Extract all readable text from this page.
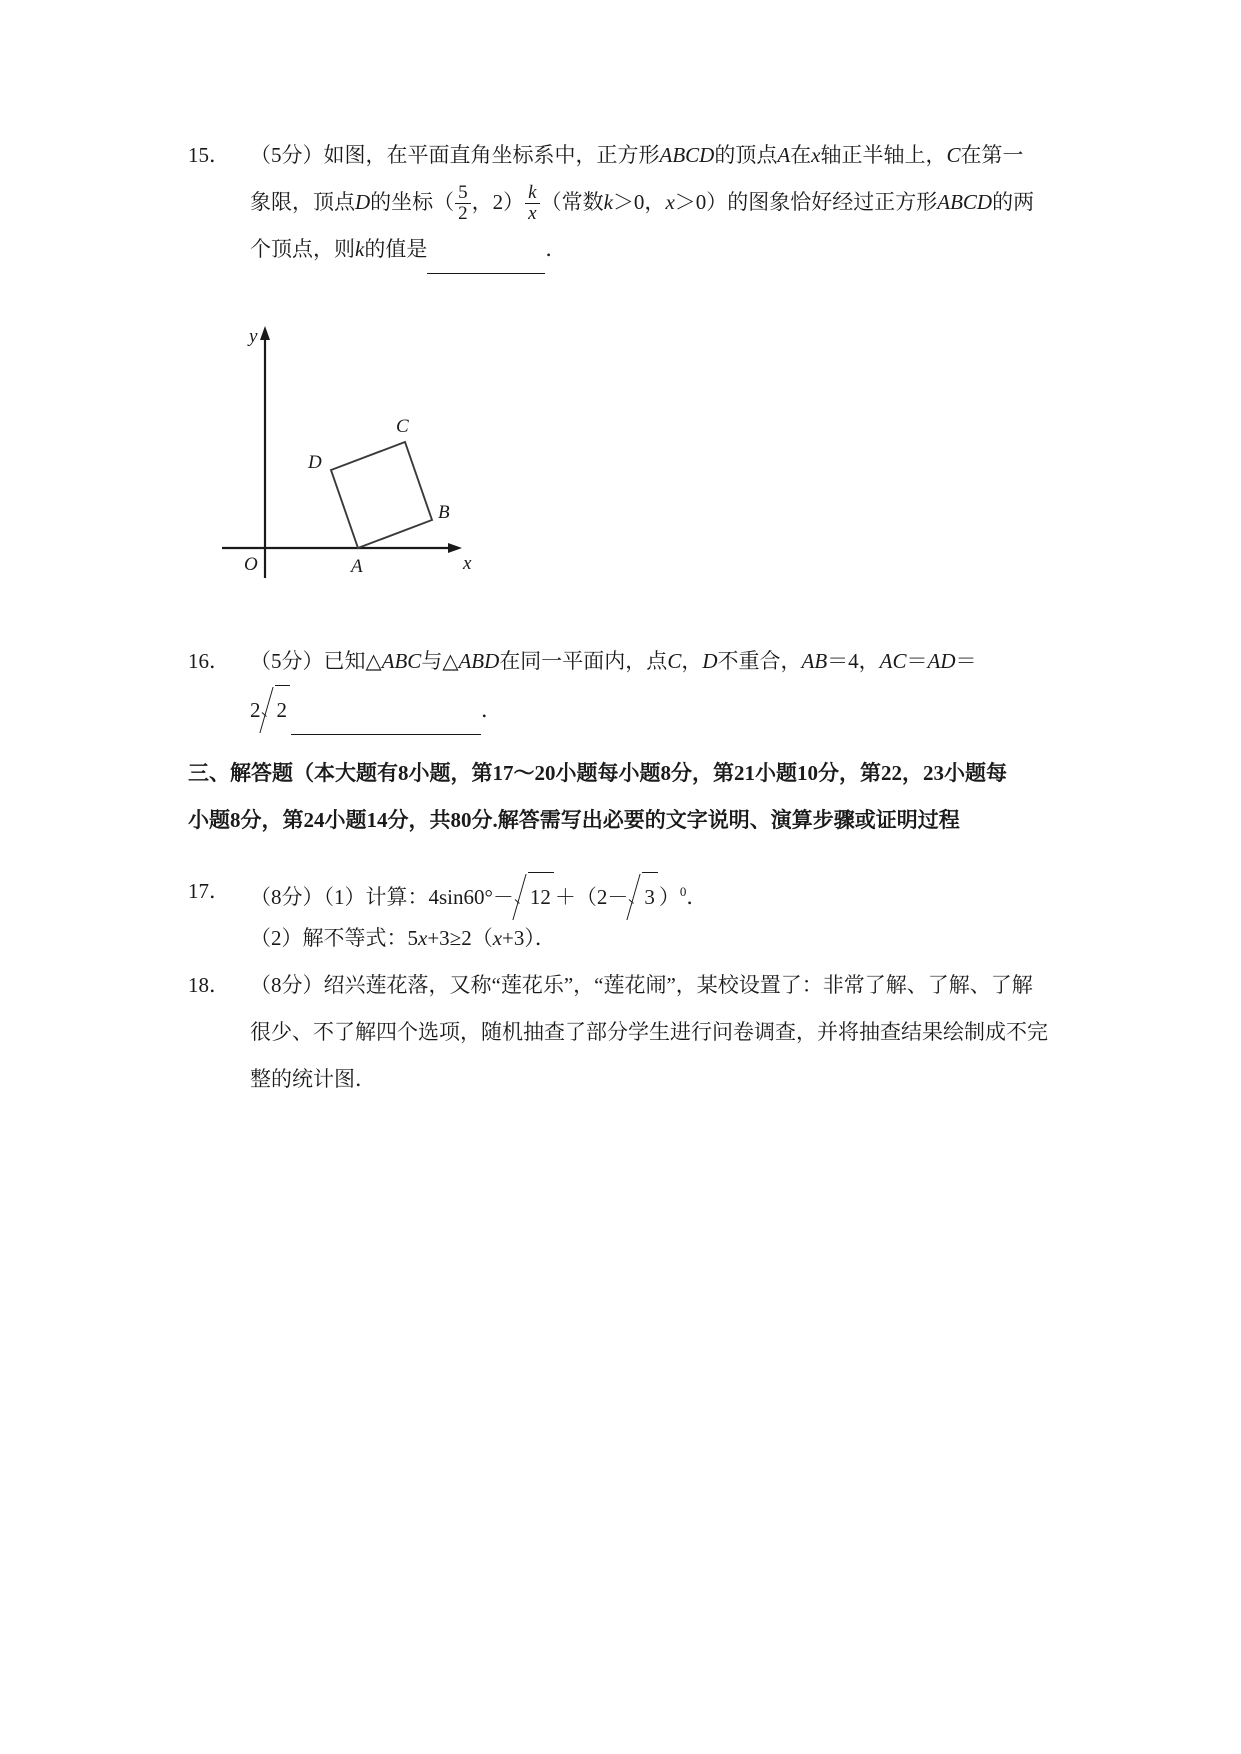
15． （5分）如图，在平面直角坐标系中，正方形ABCD的顶点A在x轴正半轴上，C在第一
象限，顶点D的坐标（ $\frac{5}{2}$ ，$2) \frac{k}{x}$ （常数k＞0，x＞0）的图象恰好经过正方形ABCD的两
个顶点，则k的值是	．
O	A
B
C
D
y
x
16． （5分）已知△ABC与△ABD在同一平面内，点C，D不重合，AB＝4，AC＝AD＝
2 2	．
三、解答题（本大题有8小题，第17～20小题每小题8分，第21小题10分，第22，23小题每
小题8分，第24小题14分，共80分.解答需写出必要的文字说明、演算步骤或证明过程
17． （8分）（1）计算：4sin60°－ 12 ＋（2－ 3 ）$^0$．
（2）解不等式：5x+3≥2（x+3）．
18． （8分）绍兴莲花落，又称“莲花乐”，“莲花闹”，某校设置了：非常了解、了解、了解
很少、不了解四个选项，随机抽查了部分学生进行问卷调查，并将抽查结果绘制成不完
整的统计图．
